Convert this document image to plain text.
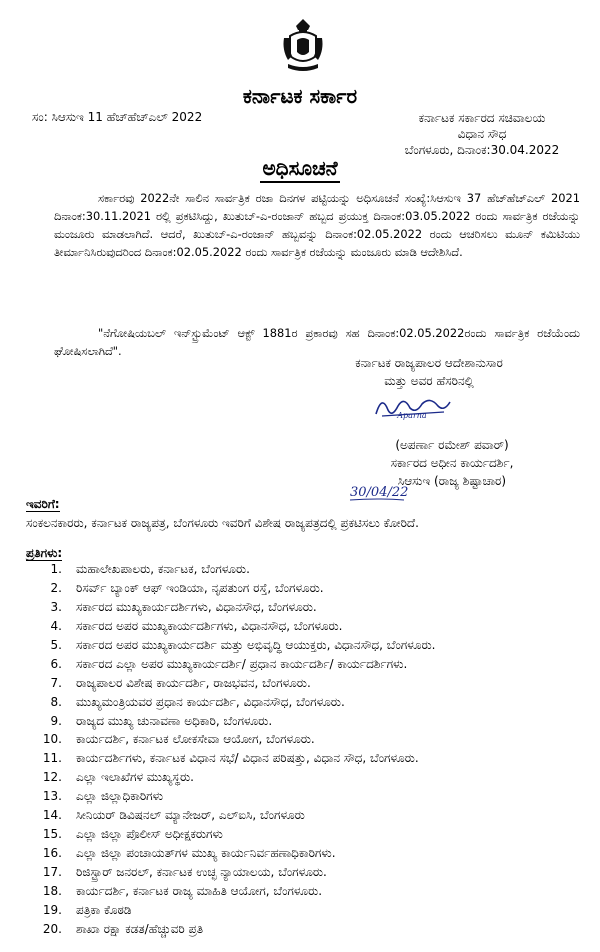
ಕರ್ನಾಟಕ ಸರ್ಕಾರ
ಸಂ: ಸಿಆಸುಇ 11 ಹೆಚ್‌ಹೆಚ್‌ಎಲ್ 2022	ಕರ್ನಾಟಕ ಸರ್ಕಾರದ ಸಚಿವಾಲಯ
ವಿಧಾನ ಸೌಧ
ಬೆಂಗಳೂರು, ದಿನಾಂಕ:30.04.2022
ಅಧಿಸೂಚನೆ
ಸರ್ಕಾರವು 2022ನೇ ಸಾಲಿನ ಸಾರ್ವತ್ರಿಕ ರಜಾ ದಿನಗಳ ಪಟ್ಟಿಯನ್ನು ಅಧಿಸೂಚನೆ ಸಂಖ್ಯೆ:ಸಿಆಸುಇ 37 ಹೆಚ್‌ಹೆಚ್‌ಎಲ್ 2021 ದಿನಾಂಕ:30.11.2021 ರಲ್ಲಿ ಪ್ರಕಟಿಸಿದ್ದು, ಖುತುಬ್-ಎ-ರಂಜಾನ್ ಹಬ್ಬದ ಪ್ರಯುಕ್ತ ದಿನಾಂಕ:03.05.2022 ರಂದು ಸಾರ್ವತ್ರಿಕ ರಜೆಯನ್ನು ಮಂಜೂರು ಮಾಡಲಾಗಿದೆ. ಆದರೆ, ಖುತುಬ್-ಎ-ರಂಜಾನ್ ಹಬ್ಬವನ್ನು ದಿನಾಂಕ:02.05.2022 ರಂದು ಆಚರಿಸಲು ಮೂನ್ ಕಮಿಟಿಯು ತೀರ್ಮಾನಿಸಿರುವುದರಿಂದ ದಿನಾಂಕ:02.05.2022 ರಂದು ಸಾರ್ವತ್ರಿಕ ರಜೆಯನ್ನು ಮಂಜೂರು ಮಾಡಿ ಆದೇಶಿಸಿದೆ.
"ನೆಗೋಷಿಯಬಲ್ ಇನ್‌ಸ್ಟ್ರುಮೆಂಟ್ ಆಕ್ಟ್ 1881ರ ಪ್ರಕಾರವು ಸಹ ದಿನಾಂಕ:02.05.2022ರಂದು ಸಾರ್ವತ್ರಿಕ ರಜೆಯೆಂದು ಘೋಷಿಸಲಾಗಿದೆ".
ಕರ್ನಾಟಕ ರಾಜ್ಯಪಾಲರ ಆದೇಶಾನುಸಾರ
ಮತ್ತು ಅವರ ಹೆಸರಿನಲ್ಲಿ
Aparna
(ಅಪರ್ಣಾ ರಮೇಶ್ ಪವಾರ್)
ಸರ್ಕಾರದ ಅಧೀನ ಕಾರ್ಯದರ್ಶಿ,
ಸಿಆಸುಇ (ರಾಜ್ಯ ಶಿಷ್ಟಾಚಾರ)
30/04/22
ಇವರಿಗೆ:
ಸಂಕಲನಕಾರರು, ಕರ್ನಾಟಕ ರಾಜ್ಯಪತ್ರ, ಬೆಂಗಳೂರು ಇವರಿಗೆ ವಿಶೇಷ ರಾಜ್ಯಪತ್ರದಲ್ಲಿ ಪ್ರಕಟಿಸಲು ಕೋರಿದೆ.
ಪ್ರತಿಗಳು:
1.	ಮಹಾಲೇಖಪಾಲರು, ಕರ್ನಾಟಕ, ಬೆಂಗಳೂರು.
2.	ರಿಸರ್ವ್ ಬ್ಯಾಂಕ್ ಆಫ್ ಇಂಡಿಯಾ, ನೃಪತುಂಗ ರಸ್ತೆ, ಬೆಂಗಳೂರು.
3.	ಸರ್ಕಾರದ ಮುಖ್ಯಕಾರ್ಯದರ್ಶಿಗಳು, ವಿಧಾನಸೌಧ, ಬೆಂಗಳೂರು.
4.	ಸರ್ಕಾರದ ಅಪರ ಮುಖ್ಯಕಾರ್ಯದರ್ಶಿಗಳು, ವಿಧಾನಸೌಧ, ಬೆಂಗಳೂರು.
5.	ಸರ್ಕಾರದ ಅಪರ ಮುಖ್ಯಕಾರ್ಯದರ್ಶಿ ಮತ್ತು ಅಭಿವೃದ್ಧಿ ಆಯುಕ್ತರು, ವಿಧಾನಸೌಧ, ಬೆಂಗಳೂರು.
6.	ಸರ್ಕಾರದ ಎಲ್ಲಾ ಅಪರ ಮುಖ್ಯಕಾರ್ಯದರ್ಶಿ/ ಪ್ರಧಾನ ಕಾರ್ಯದರ್ಶಿ/ ಕಾರ್ಯದರ್ಶಿಗಳು.
7.	ರಾಜ್ಯಪಾಲರ ವಿಶೇಷ ಕಾರ್ಯದರ್ಶಿ, ರಾಜಭವನ, ಬೆಂಗಳೂರು.
8.	ಮುಖ್ಯಮಂತ್ರಿಯವರ ಪ್ರಧಾನ ಕಾರ್ಯದರ್ಶಿ, ವಿಧಾನಸೌಧ, ಬೆಂಗಳೂರು.
9.	ರಾಜ್ಯದ ಮುಖ್ಯ ಚುನಾವಣಾ ಅಧಿಕಾರಿ, ಬೆಂಗಳೂರು.
10.	ಕಾರ್ಯದರ್ಶಿ, ಕರ್ನಾಟಕ ಲೋಕಸೇವಾ ಆಯೋಗ, ಬೆಂಗಳೂರು.
11.	ಕಾರ್ಯದರ್ಶಿಗಳು, ಕರ್ನಾಟಕ ವಿಧಾನ ಸಭೆ/ ವಿಧಾನ ಪರಿಷತ್ತು, ವಿಧಾನ ಸೌಧ, ಬೆಂಗಳೂರು.
12.	ಎಲ್ಲಾ ಇಲಾಖೆಗಳ ಮುಖ್ಯಸ್ಥರು.
13.	ಎಲ್ಲಾ ಜಿಲ್ಲಾಧಿಕಾರಿಗಳು
14.	ಸೀನಿಯರ್ ಡಿವಿಷನಲ್ ಮ್ಯಾನೇಜರ್, ಎಲ್‌ಐಸಿ, ಬೆಂಗಳೂರು
15.	ಎಲ್ಲಾ ಜಿಲ್ಲಾ ಪೊಲೀಸ್ ಅಧೀಕ್ಷಕರುಗಳು
16.	ಎಲ್ಲಾ ಜಿಲ್ಲಾ ಪಂಚಾಯತ್‌ಗಳ ಮುಖ್ಯ ಕಾರ್ಯನಿರ್ವಹಣಾಧಿಕಾರಿಗಳು.
17.	ರಿಜಿಸ್ಟ್ರಾರ್ ಜನರಲ್, ಕರ್ನಾಟಕ ಉಚ್ಛ ನ್ಯಾಯಾಲಯ, ಬೆಂಗಳೂರು.
18.	ಕಾರ್ಯದರ್ಶಿ, ಕರ್ನಾಟಕ ರಾಜ್ಯ ಮಾಹಿತಿ ಆಯೋಗ, ಬೆಂಗಳೂರು.
19.	ಪತ್ರಿಕಾ ಕೊಠಡಿ
20.	ಶಾಖಾ ರಕ್ಷಾ ಕಡತ/ಹೆಚ್ಚುವರಿ ಪ್ರತಿ
